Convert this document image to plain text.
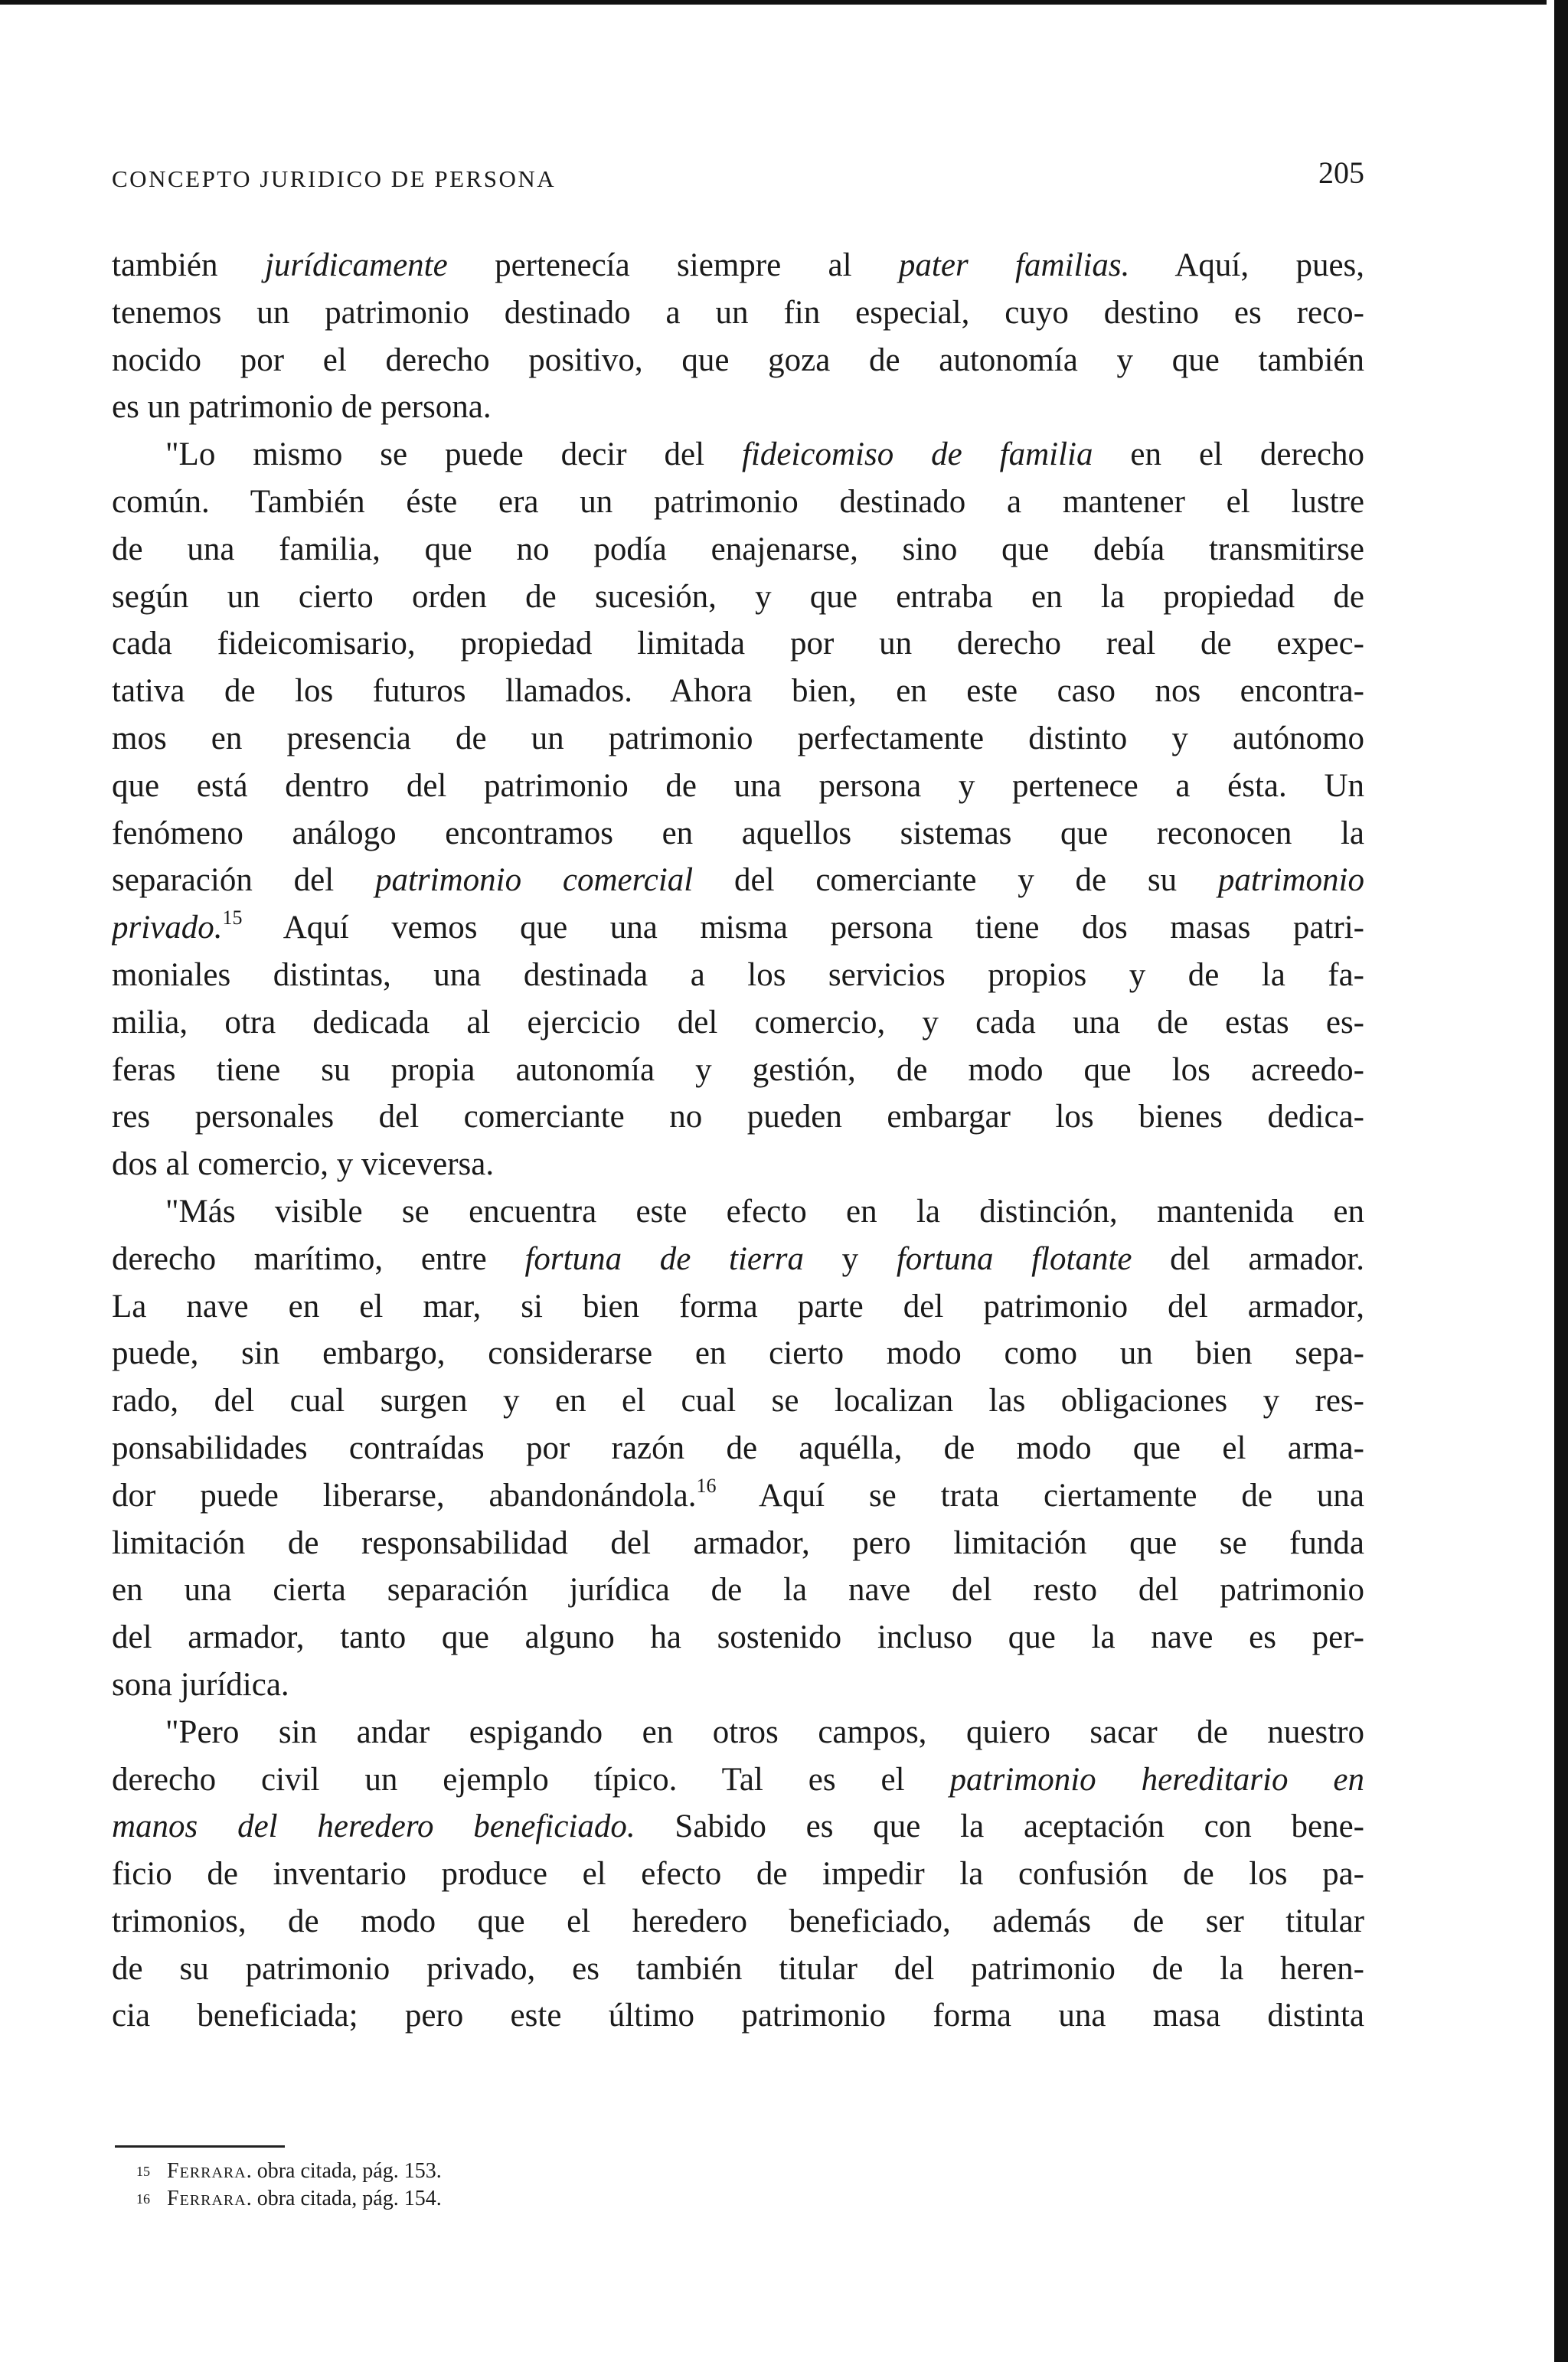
CONCEPTO JURIDICO DE PERSONA	205
también jurídicamente pertenecía siempre al pater familias. Aquí, pues,
tenemos un patrimonio destinado a un fin especial, cuyo destino es reco-
nocido por el derecho positivo, que goza de autonomía y que también
es un patrimonio de persona.
"Lo mismo se puede decir del fideicomiso de familia en el derecho
común. También éste era un patrimonio destinado a mantener el lustre
de una familia, que no podía enajenarse, sino que debía transmitirse
según un cierto orden de sucesión, y que entraba en la propiedad de
cada fideicomisario, propiedad limitada por un derecho real de expec-
tativa de los futuros llamados. Ahora bien, en este caso nos encontra-
mos en presencia de un patrimonio perfectamente distinto y autónomo
que está dentro del patrimonio de una persona y pertenece a ésta. Un
fenómeno análogo encontramos en aquellos sistemas que reconocen la
separación del patrimonio comercial del comerciante y de su patrimonio
privado.$^{15}$ Aquí vemos que una misma persona tiene dos masas patri-
moniales distintas, una destinada a los servicios propios y de la fa-
milia, otra dedicada al ejercicio del comercio, y cada una de estas es-
feras tiene su propia autonomía y gestión, de modo que los acreedo-
res personales del comerciante no pueden embargar los bienes dedica-
dos al comercio, y viceversa.
"Más visible se encuentra este efecto en la distinción, mantenida en
derecho marítimo, entre fortuna de tierra y fortuna flotante del armador.
La nave en el mar, si bien forma parte del patrimonio del armador,
puede, sin embargo, considerarse en cierto modo como un bien sepa-
rado, del cual surgen y en el cual se localizan las obligaciones y res-
ponsabilidades contraídas por razón de aquélla, de modo que el arma-
dor puede liberarse, abandonándola.$^{16}$ Aquí se trata ciertamente de una
limitación de responsabilidad del armador, pero limitación que se funda
en una cierta separación jurídica de la nave del resto del patrimonio
del armador, tanto que alguno ha sostenido incluso que la nave es per-
sona jurídica.
"Pero sin andar espigando en otros campos, quiero sacar de nuestro
derecho civil un ejemplo típico. Tal es el patrimonio hereditario en
manos del heredero beneficiado. Sabido es que la aceptación con bene-
ficio de inventario produce el efecto de impedir la confusión de los pa-
trimonios, de modo que el heredero beneficiado, además de ser titular
de su patrimonio privado, es también titular del patrimonio de la heren-
cia beneficiada; pero este último patrimonio forma una masa distinta
15 Ferrara. obra citada, pág. 153.
16 Ferrara. obra citada, pág. 154.
